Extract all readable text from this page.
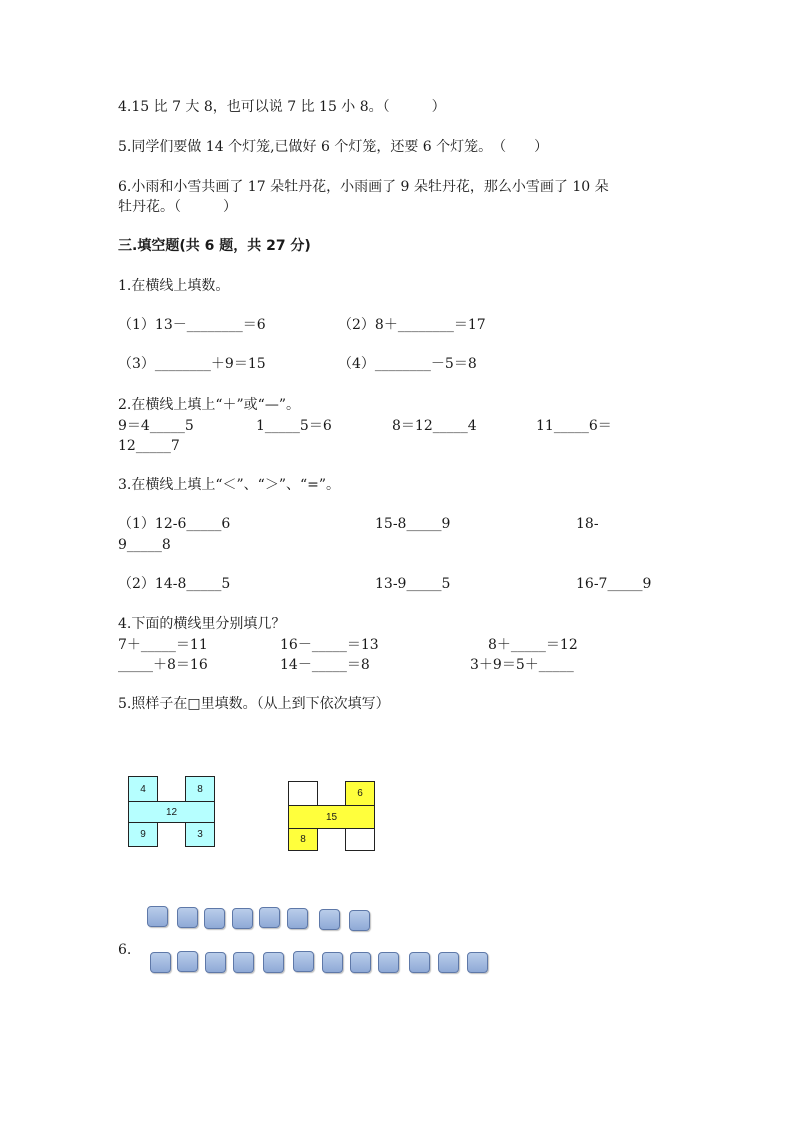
4.15 比 7 大 8，也可以说 7 比 15 小 8。（　　　）
5.同学们要做 14 个灯笼,已做好 6 个灯笼，还要 6 个灯笼。　（　　）
6.小雨和小雪共画了 17 朵牡丹花，小雨画了 9 朵牡丹花，那么小雪画了 10 朵
牡丹花。（　　　）
三.填空题(共 6 题，共 27 分)
1.在横线上填数。
（1）13－________＝6	（2）8＋________＝17
（3）________＋9＝15	（4）________－5＝8
2.在横线上填上“＋”或“—”。
9＝4_____5	1_____5＝6	8＝12_____4	11_____6＝
12_____7
3.在横线上填上“＜”、“＞”、“=”。
（1）12-6_____6	15-8_____9	18-
9_____8
（2）14-8_____5	13-9_____5	16-7_____9
4.下面的横线里分别填几？
7＋_____＝11	16－_____＝13	8＋_____＝12
_____＋8＝16	14－_____＝8	3＋9＝5＋_____
5.照样子在□里填数。（从上到下依次填写）
4	8
12
9	3
6
15
8
6.
